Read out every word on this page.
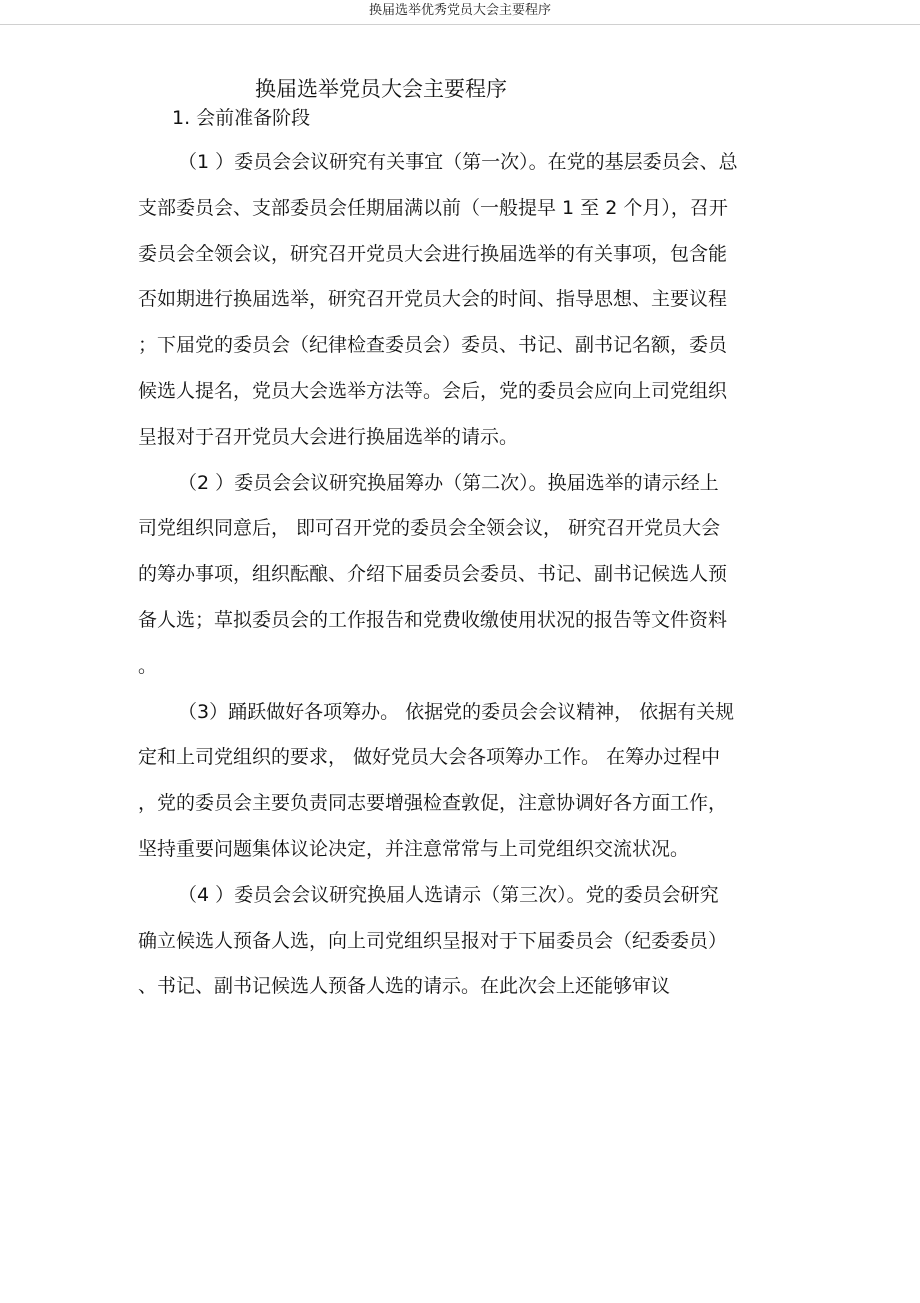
换届选举优秀党员大会主要程序
换届选举党员大会主要程序
1. 会前准备阶段
（1 ）委员会会议研究有关事宜（第一次）。在党的基层委员会、总
支部委员会、支部委员会任期届满以前（一般提早 1 至 2 个月），召开
委员会全领会议，研究召开党员大会进行换届选举的有关事项，包含能
否如期进行换届选举，研究召开党员大会的时间、指导思想、主要议程
；下届党的委员会（纪律检查委员会）委员、书记、副书记名额，委员
候选人提名，党员大会选举方法等。会后，党的委员会应向上司党组织
呈报对于召开党员大会进行换届选举的请示。
（2 ）委员会会议研究换届筹办（第二次）。换届选举的请示经上
司党组织同意后， 即可召开党的委员会全领会议， 研究召开党员大会
的筹办事项，组织酝酿、介绍下届委员会委员、书记、副书记候选人预
备人选；草拟委员会的工作报告和党费收缴使用状况的报告等文件资料
。
（3）踊跃做好各项筹办。 依据党的委员会会议精神， 依据有关规
定和上司党组织的要求， 做好党员大会各项筹办工作。 在筹办过程中
，党的委员会主要负责同志要增强检查敦促，注意协调好各方面工作，
坚持重要问题集体议论决定，并注意常常与上司党组织交流状况。
（4 ）委员会会议研究换届人选请示（第三次）。党的委员会研究
确立候选人预备人选，向上司党组织呈报对于下届委员会（纪委委员）
、书记、副书记候选人预备人选的请示。在此次会上还能够审议
